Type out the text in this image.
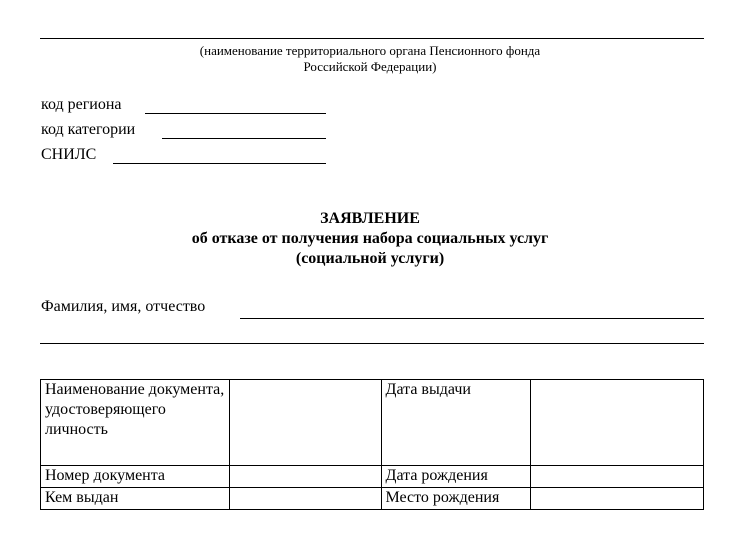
(наименование территориального органа Пенсионного фонда
Российской Федерации)
код региона
код категории
СНИЛС
ЗАЯВЛЕНИЕ
об отказе от получения набора социальных услуг
(социальной услуги)
Фамилия, имя, отчество
Наименование документа, удостоверяющего личность		Дата выдачи	
Номер документа		Дата рождения	
Кем выдан		Место рождения	
